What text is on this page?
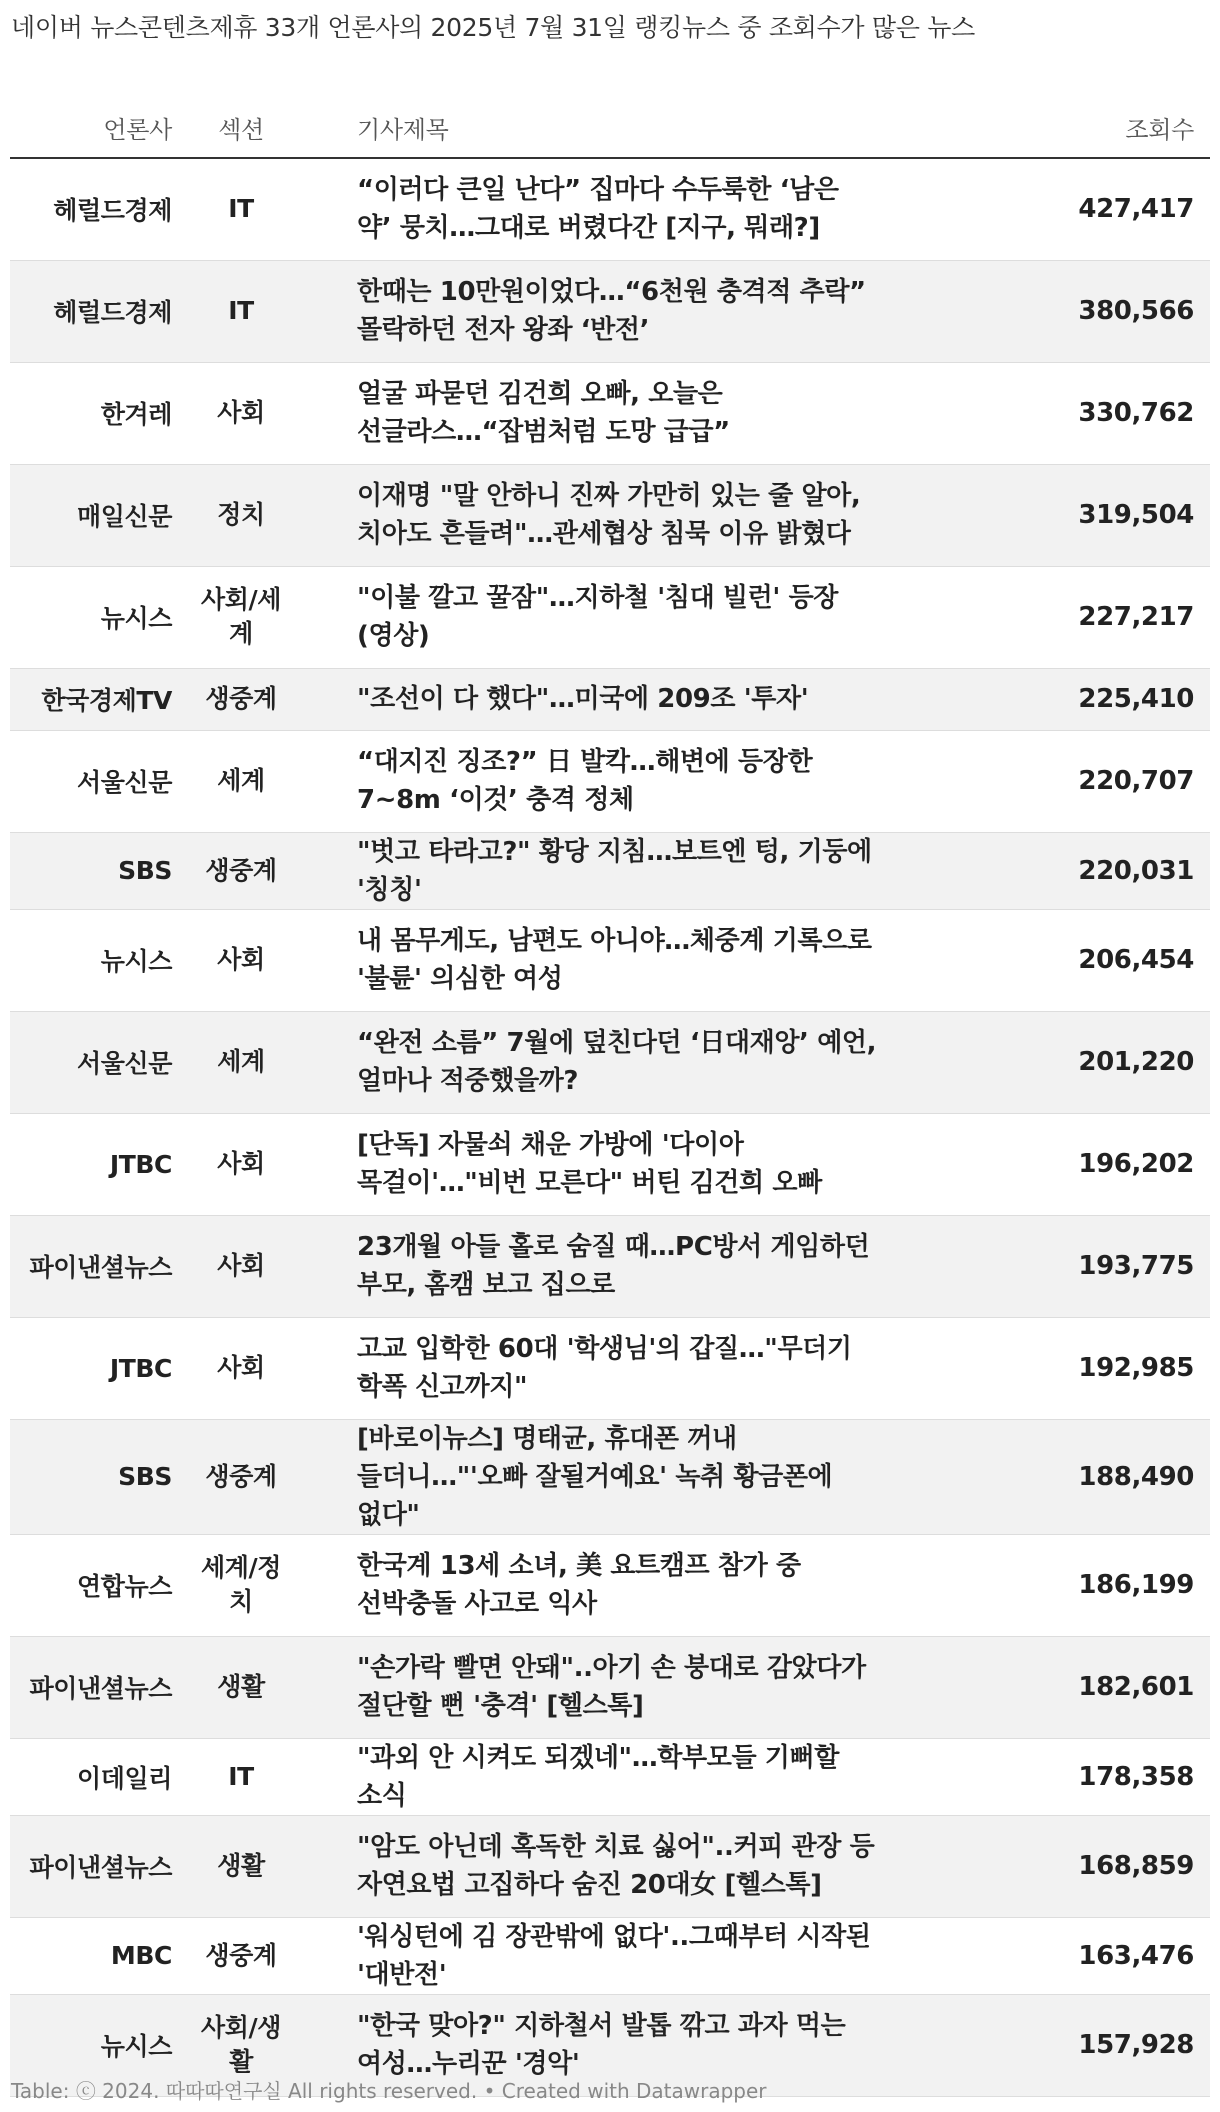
네이버 뉴스콘텐츠제휴 33개 언론사의 2025년 7월 31일 랭킹뉴스 중 조회수가 많은 뉴스
언론사	섹션	기사제목	조회수
헤럴드경제	IT	“이러다 큰일 난다” 집마다 수두룩한 ‘남은 약’ 뭉치…그대로 버렸다간 [지구, 뭐래?]	427,417
헤럴드경제	IT	한때는 10만원이었다…“6천원 충격적 추락” 몰락하던 전자 왕좌 ‘반전’	380,566
한겨레	사회	얼굴 파묻던 김건희 오빠, 오늘은 선글라스…“잡범처럼 도망 급급”	330,762
매일신문	정치	이재명 "말 안하니 진짜 가만히 있는 줄 알아, 치아도 흔들려"…관세협상 침묵 이유 밝혔다	319,504
뉴시스	사회/세계	"이불 깔고 꿀잠"…지하철 '침대 빌런' 등장(영상)	227,217
한국경제TV	생중계	"조선이 다 했다"…미국에 209조 '투자'	225,410
서울신문	세계	“대지진 징조?” 日 발칵…해변에 등장한 7~8m ‘이것’ 충격 정체	220,707
SBS	생중계	"벗고 타라고?" 황당 지침…보트엔 텅, 기둥에 '칭칭'	220,031
뉴시스	사회	내 몸무게도, 남편도 아니야…체중계 기록으로 '불륜' 의심한 여성	206,454
서울신문	세계	“완전 소름” 7월에 덮친다던 ‘日대재앙’ 예언, 얼마나 적중했을까?	201,220
JTBC	사회	[단독] 자물쇠 채운 가방에 '다이아 목걸이'…"비번 모른다" 버틴 김건희 오빠	196,202
파이낸셜뉴스	사회	23개월 아들 홀로 숨질 때…PC방서 게임하던 부모, 홈캠 보고 집으로	193,775
JTBC	사회	고교 입학한 60대 '학생님'의 갑질…"무더기 학폭 신고까지"	192,985
SBS	생중계	[바로이뉴스] 명태균, 휴대폰 꺼내 들더니…"'오빠 잘될거예요' 녹취 황금폰에 없다"	188,490
연합뉴스	세계/정치	한국계 13세 소녀, 美 요트캠프 참가 중 선박충돌 사고로 익사	186,199
파이낸셜뉴스	생활	"손가락 빨면 안돼"..아기 손 붕대로 감았다가 절단할 뻔 '충격' [헬스톡]	182,601
이데일리	IT	"과외 안 시켜도 되겠네"…학부모들 기뻐할 소식	178,358
파이낸셜뉴스	생활	"암도 아닌데 혹독한 치료 싫어"..커피 관장 등 자연요법 고집하다 숨진 20대女 [헬스톡]	168,859
MBC	생중계	'워싱턴에 김 장관밖에 없다'..그때부터 시작된 '대반전'	163,476
뉴시스	사회/생활	"한국 맞아?" 지하철서 발톱 깎고 과자 먹는 여성…누리꾼 '경악'	157,928
Table: ⓒ 2024. 따따따연구실 All rights reserved. • Created with Datawrapper
